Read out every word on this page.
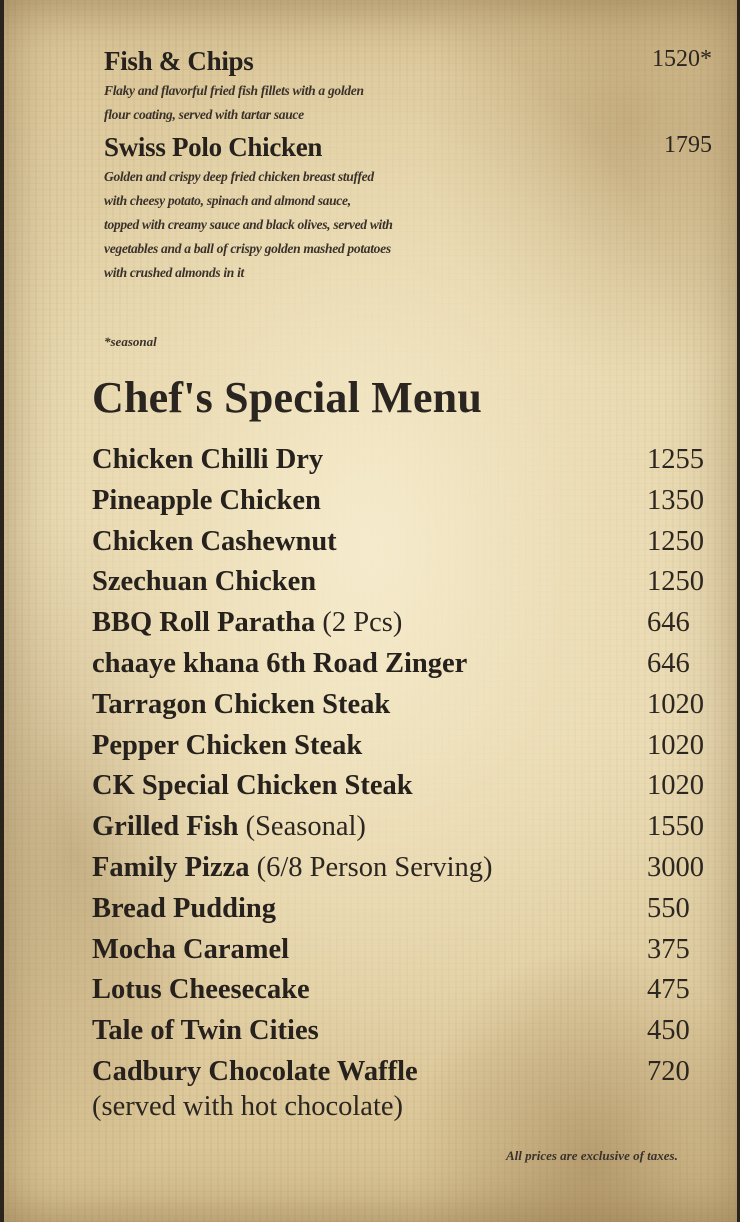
Fish & Chips	1520*
Flaky and flavorful fried fish fillets with a golden
flour coating, served with tartar sauce
Swiss Polo Chicken	1795
Golden and crispy deep fried chicken breast stuffed
with cheesy potato, spinach and almond sauce,
topped with creamy sauce and black olives, served with
vegetables and a ball of crispy golden mashed potatoes
with crushed almonds in it
*seasonal
Chef's Special Menu
Chicken Chilli Dry	1255
Pineapple Chicken	1350
Chicken Cashewnut	1250
Szechuan Chicken	1250
BBQ Roll Paratha (2 Pcs)	646
chaaye khana 6th Road Zinger	646
Tarragon Chicken Steak	1020
Pepper Chicken Steak	1020
CK Special Chicken Steak	1020
Grilled Fish (Seasonal)	1550
Family Pizza (6/8 Person Serving)	3000
Bread Pudding	550
Mocha Caramel	375
Lotus Cheesecake	475
Tale of Twin Cities	450
Cadbury Chocolate Waffle	720
(served with hot chocolate)
All prices are exclusive of taxes.
